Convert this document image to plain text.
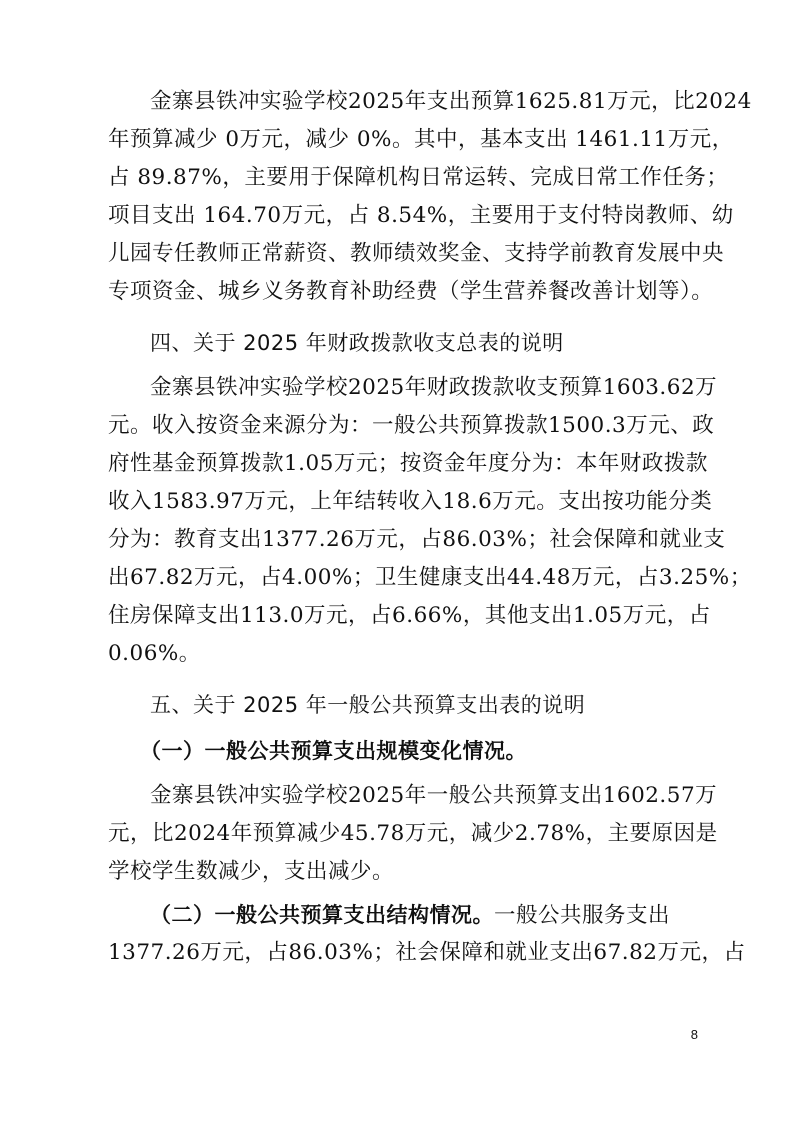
金寨县铁冲实验学校2025年支出预算1625.81万元，比2024
年预算减少 0万元，减少 0%。其中，基本支出 1461.11万元，
占 89.87%，主要用于保障机构日常运转、完成日常工作任务；
项目支出 164.70万元，占 8.54%，主要用于支付特岗教师、幼
儿园专任教师正常薪资、教师绩效奖金、支持学前教育发展中央
专项资金、城乡义务教育补助经费（学生营养餐改善计划等）。
四、关于 2025 年财政拨款收支总表的说明
金寨县铁冲实验学校2025年财政拨款收支预算1603.62万
元。收入按资金来源分为：一般公共预算拨款1500.3万元、政
府性基金预算拨款1.05万元；按资金年度分为：本年财政拨款
收入1583.97万元，上年结转收入18.6万元。支出按功能分类
分为：教育支出1377.26万元，占86.03%；社会保障和就业支
出67.82万元，占4.00%；卫生健康支出44.48万元，占3.25%；
住房保障支出113.0万元，占6.66%，其他支出1.05万元，占
0.06%。
五、关于 2025 年一般公共预算支出表的说明
（一）一般公共预算支出规模变化情况。
金寨县铁冲实验学校2025年一般公共预算支出1602.57万
元，比2024年预算减少45.78万元，减少2.78%，主要原因是
学校学生数减少，支出减少。
（二）一般公共预算支出结构情况。一般公共服务支出
1377.26万元，占86.03%；社会保障和就业支出67.82万元，占
8
